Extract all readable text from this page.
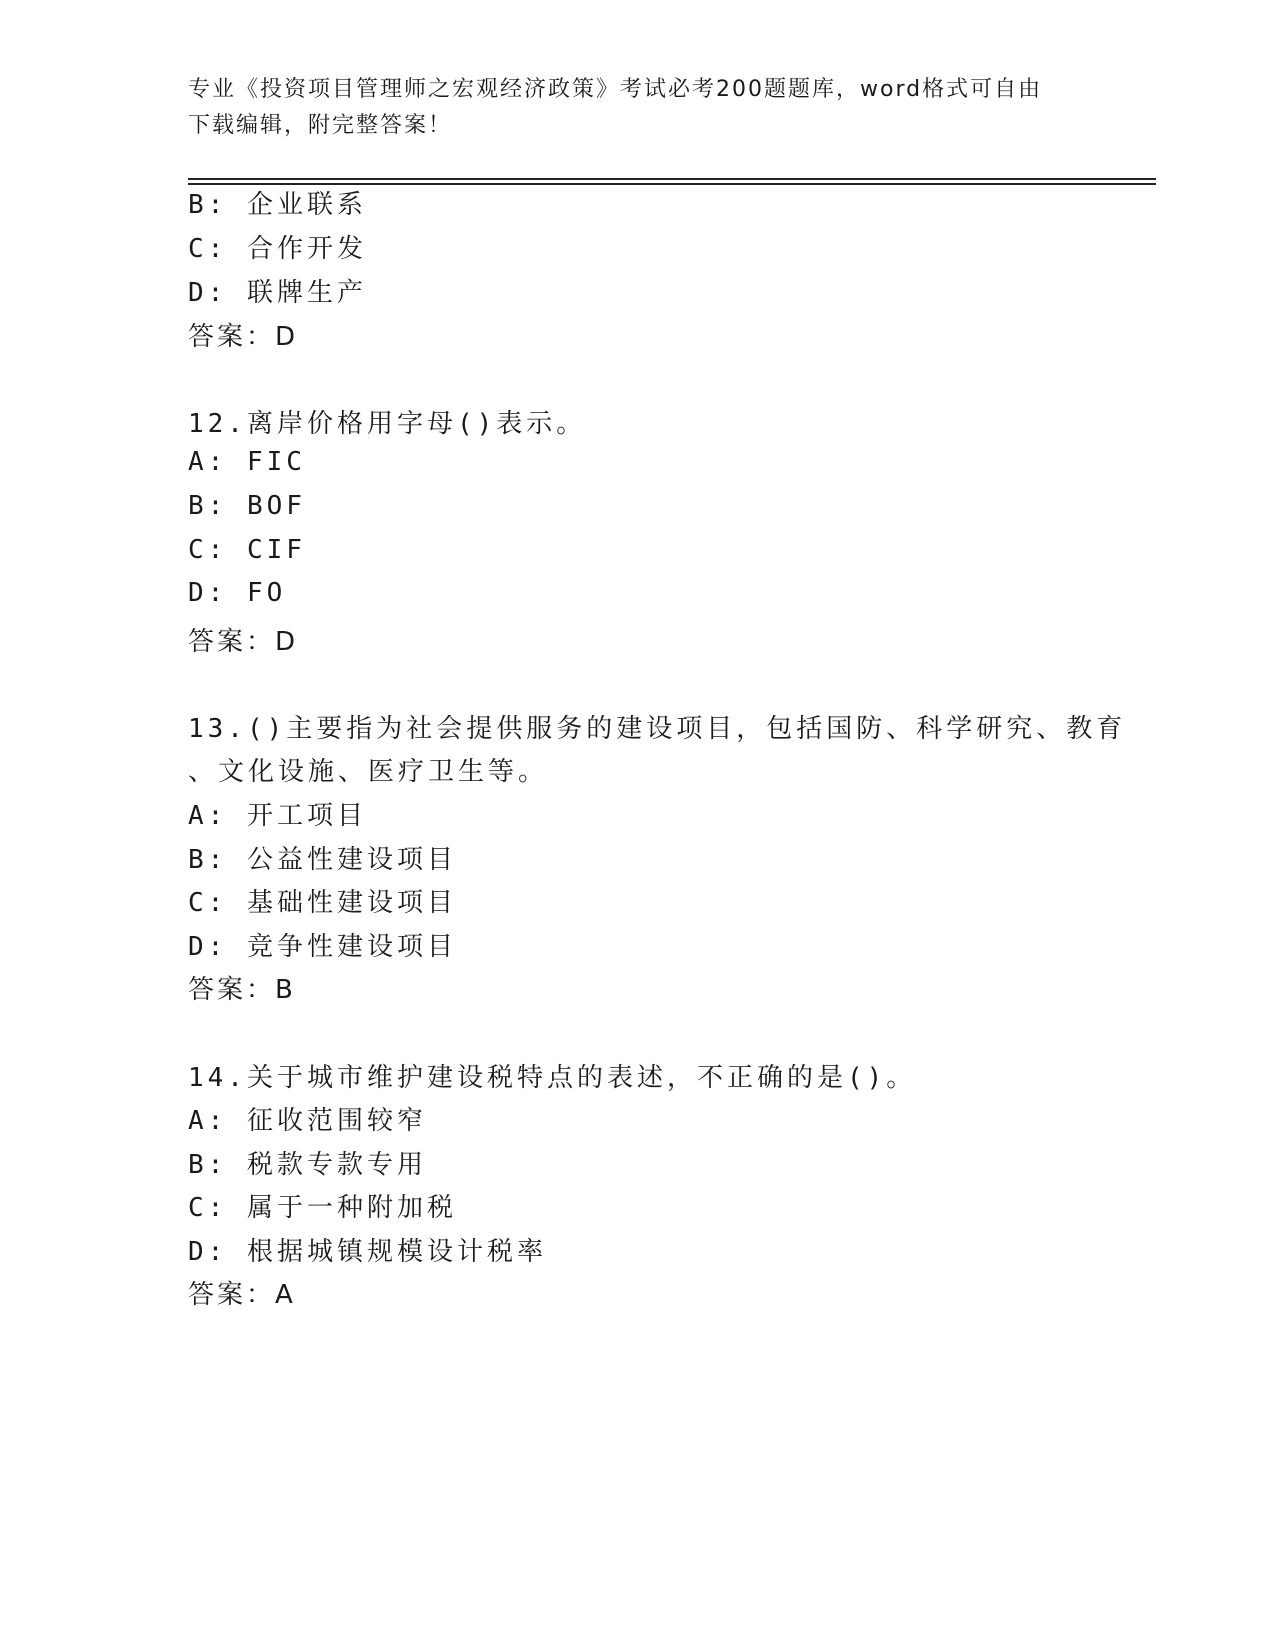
专业《投资项目管理师之宏观经济政策》考试必考200题题库，word格式可自由
下载编辑，附完整答案！
B: 企业联系
C: 合作开发
D: 联牌生产
答案：D
12.离岸价格用字母()表示。
A: FIC
B: BOF
C: CIF
D: FO
答案：D
13.()主要指为社会提供服务的建设项目，包括国防、科学研究、教育
、文化设施、医疗卫生等。
A: 开工项目
B: 公益性建设项目
C: 基础性建设项目
D: 竞争性建设项目
答案：B
14.关于城市维护建设税特点的表述，不正确的是()。
A: 征收范围较窄
B: 税款专款专用
C: 属于一种附加税
D: 根据城镇规模设计税率
答案：A
